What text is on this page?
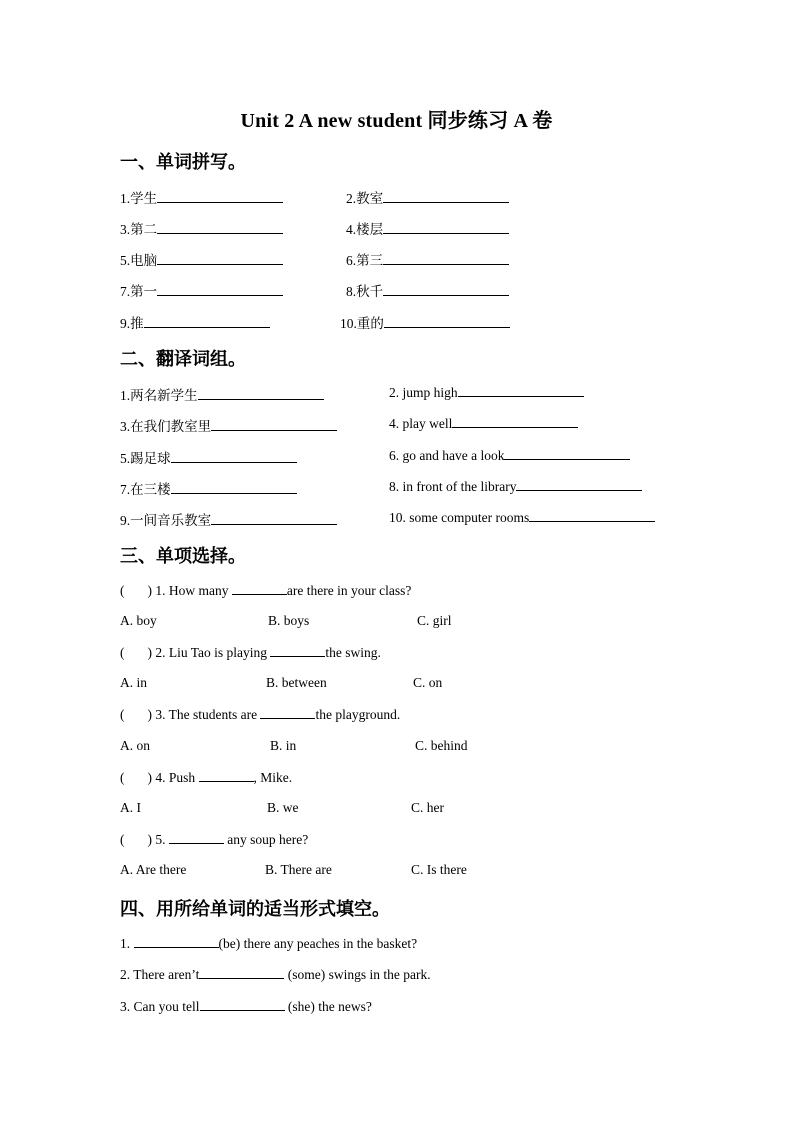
Unit 2 A new student 同步练习 A 卷
一、单词拼写。
1.学生	2.教室
3.第二	4.楼层
5.电脑	6.第三
7.第一	8.秋千
9.推	10.重的
二、翻译词组。
1.两名新学生	2. jump high
3.在我们教室里	4. play well
5.踢足球	6. go and have a look
7.在三楼	8. in front of the library
9.一间音乐教室	10. some computer rooms
三、单项选择。
( ) 1. How many	are there in your class?
A. boy	B. boys	C. girl
( ) 2. Liu Tao is playing	the swing.
A. in	B. between	C. on
( ) 3. The students are	the playground.
A. on	B. in	C. behind
( ) 4. Push	, Mike.
A. I	B. we	C. her
( ) 5.	any soup here?
A. Are there	B. There are	C. Is there
四、用所给单词的适当形式填空。
1.	(be) there any peaches in the basket?
2. There aren’t	(some) swings in the park.
3. Can you tell	(she) the news?
